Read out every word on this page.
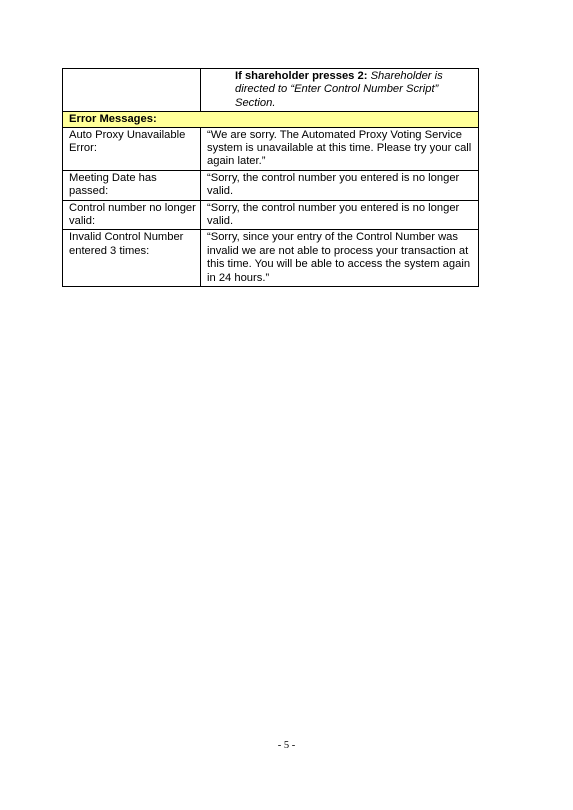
	If shareholder presses 2: Shareholder is directed to “Enter Control Number Script” Section.
Error Messages:	
Auto Proxy Unavailable Error:	“We are sorry. The Automated Proxy Voting Service system is unavailable at this time. Please try your call again later.”
Meeting Date has passed:	“Sorry, the control number you entered is no longer valid.
Control number no longer valid:	“Sorry, the control number you entered is no longer valid.
Invalid Control Number entered 3 times:	“Sorry, since your entry of the Control Number was invalid we are not able to process your transaction at this time. You will be able to access the system again in 24 hours.”
- 5 -
